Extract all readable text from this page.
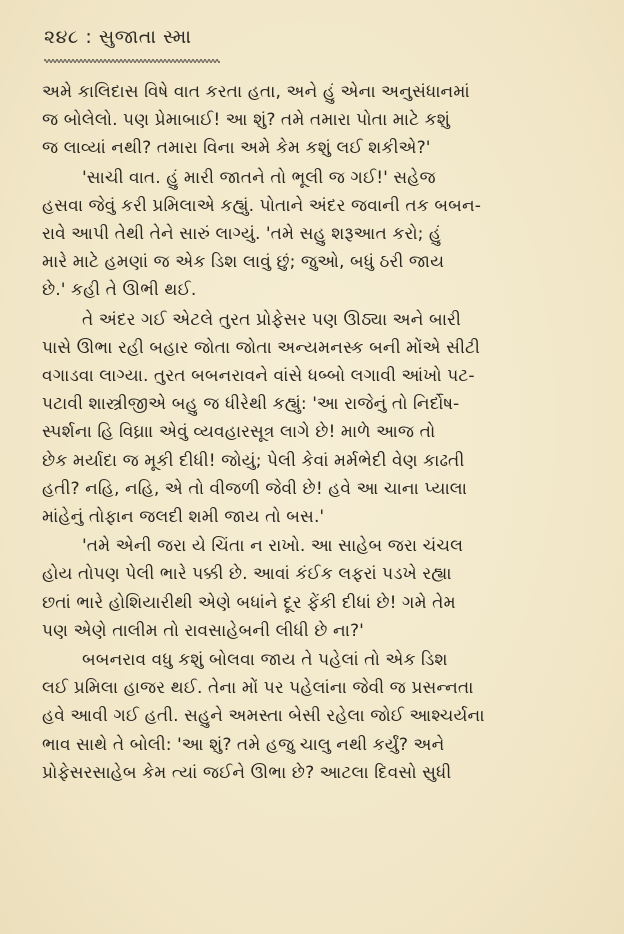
૨૪૮ : સુજાતા સ્મા

અમે કાલિદાસ વિષે વાત કરતા હતા, અને હું એના અનુસંધાનમાં
જ બોલેલો. પણ પ્રેમાબાઈ! આ શું? તમે તમારા પોતા માટે કશું
જ લાવ્યાં નથી? તમારા વિના અમે કેમ કશું લઈ શકીએ?'

'સાચી વાત. હું મારી જાતને તો ભૂલી જ ગઈ!' સહેજ
હસવા જેવું કરી પ્રમિલાએ કહ્યું. પોતાને અંદર જવાની તક બબન-
રાવે આપી તેથી તેને સારું લાગ્યું. 'તમે સહુ શરૂઆત કરો; હું
મારે માટે હમણાં જ એક ડિશ લાવું છું; જુઓ, બધું ઠરી જાય
છે.' કહી તે ઊભી થઈ.

તે અંદર ગઈ એટલે તુરત પ્રોફેસર પણ ઊઠ્યા અને બારી
પાસે ઊભા રહી બહાર જોતા જોતા અન્યમનસ્ક બની મોંએ સીટી
વગાડવા લાગ્યા. તુરત બબનરાવને વાંસે ધબ્બો લગાવી આંખો પટ-
પટાવી શાસ્ત્રીજીએ બહુ જ ધીરેથી કહ્યું: 'આ રાજેનું તો નિર્દોષ-
સ્પર્શના હિ વિઘ્રા। એવું વ્યવહારસૂત્ર લાગે છે! માળે આજ તો
છેક મર્યાદા જ મૂકી દીધી! જોયું; પેલી કેવાં મર્મભેદી વેણ કાઢતી
હતી? નહિ, નહિ, એ તો વીજળી જેવી છે! હવે આ ચાના પ્યાલા
માંહેનું તોફાન જલદી શમી જાય તો બસ.'

'તમે એની જરા યે ચિંતા ન રાખો. આ સાહેબ જરા ચંચલ
હોય તોપણ પેલી ભારે પક્કી છે. આવાં કંઈક લફરાં પડખે રહ્યા
છતાં ભારે હોશિયારીથી એણે બધાંને દૂર ફેંકી દીધાં છે! ગમે તેમ
પણ એણે તાલીમ તો રાવસાહેબની લીધી છે ના?'

બબનરાવ વધુ કશું બોલવા જાય તે પહેલાં તો એક ડિશ
લઈ પ્રમિલા હાજર થઈ. તેના મોં પર પહેલાંના જેવી જ પ્રસન્નતા
હવે આવી ગઈ હતી. સહુને અમસ્તા બેસી રહેલા જોઈ આશ્ચર્યના
ભાવ સાથે તે બોલી: 'આ શું? તમે હજુ ચાલુ નથી કર્યું? અને
પ્રોફેસરસાહેબ કેમ ત્યાં જઈને ઊભા છે? આટલા દિવસો સુધી
